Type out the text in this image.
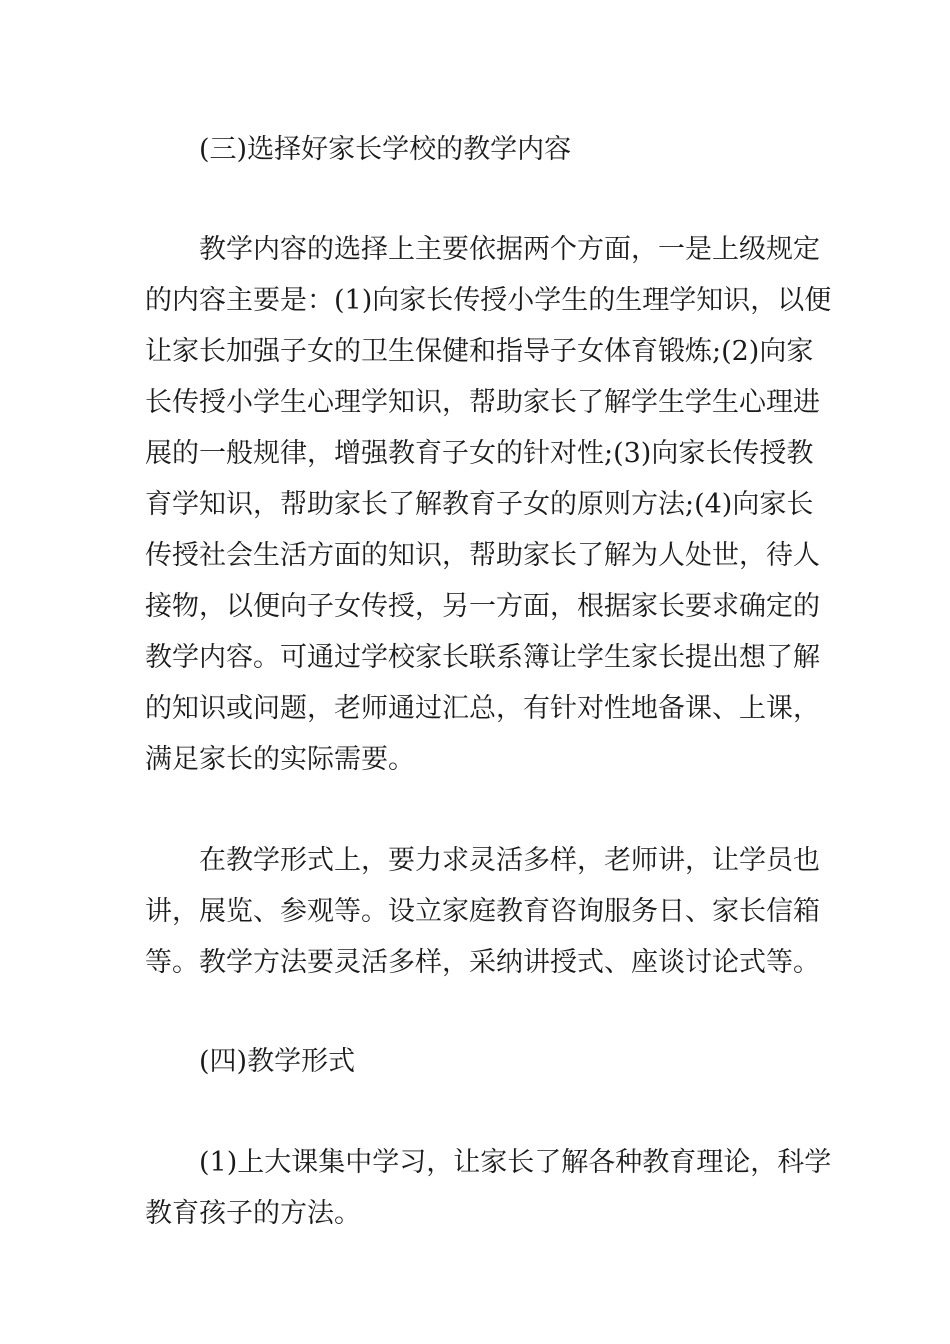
(三)选择好家长学校的教学内容
教学内容的选择上主要依据两个方面，一是上级规定
的内容主要是：(1)向家长传授小学生的生理学知识，以便
让家长加强子女的卫生保健和指导子女体育锻炼;(2)向家
长传授小学生心理学知识，帮助家长了解学生学生心理进
展的一般规律，增强教育子女的针对性;(3)向家长传授教
育学知识，帮助家长了解教育子女的原则方法;(4)向家长
传授社会生活方面的知识，帮助家长了解为人处世，待人
接物，以便向子女传授，另一方面，根据家长要求确定的
教学内容。可通过学校家长联系簿让学生家长提出想了解
的知识或问题，老师通过汇总，有针对性地备课、上课，
满足家长的实际需要。
在教学形式上，要力求灵活多样，老师讲，让学员也
讲，展览、参观等。设立家庭教育咨询服务日、家长信箱
等。教学方法要灵活多样，采纳讲授式、座谈讨论式等。
(四)教学形式
(1)上大课集中学习，让家长了解各种教育理论，科学
教育孩子的方法。
